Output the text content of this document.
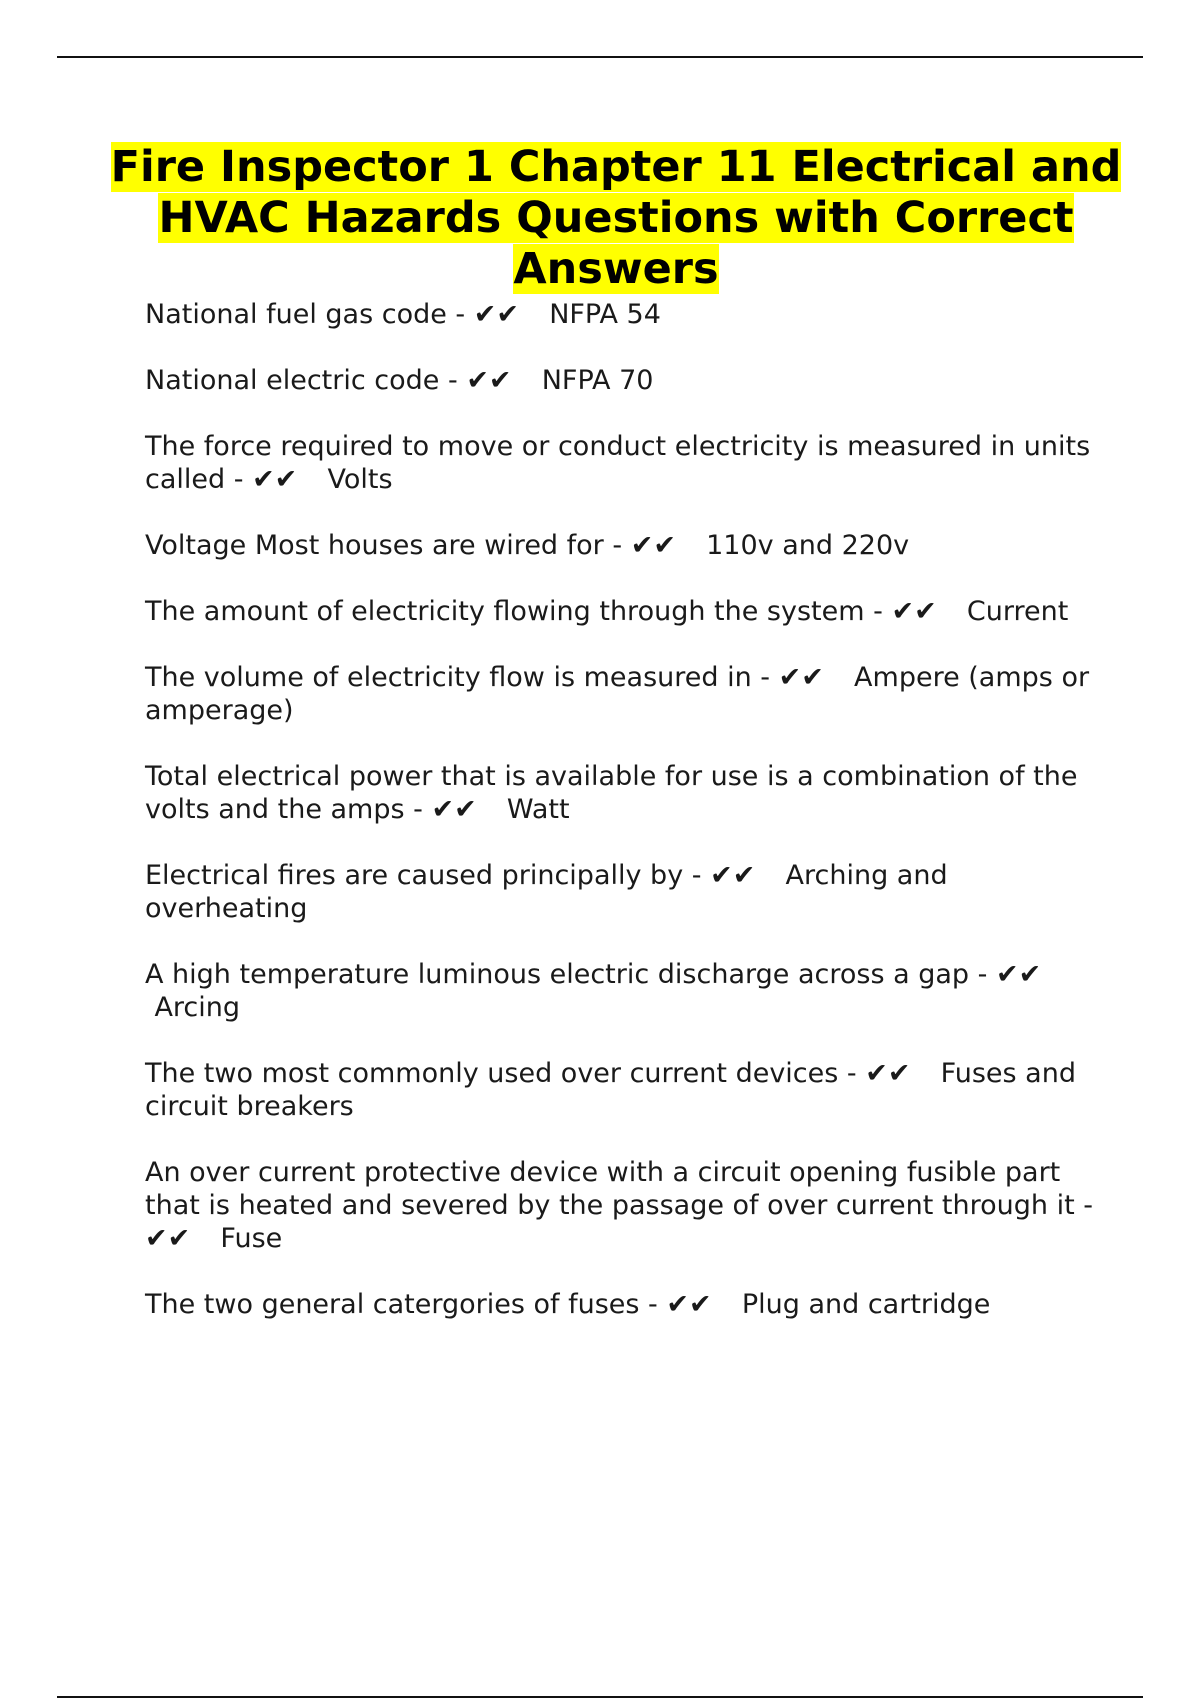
Fire Inspector 1 Chapter 11 Electrical and HVAC Hazards Questions with Correct Answers
National fuel gas code - ✔✔ NFPA 54
National electric code - ✔✔ NFPA 70
The force required to move or conduct electricity is measured in units called - ✔✔ Volts
Voltage Most houses are wired for - ✔✔ 110v and 220v
The amount of electricity flowing through the system - ✔✔ Current
The volume of electricity flow is measured in - ✔✔ Ampere (amps or amperage)
Total electrical power that is available for use is a combination of the volts and the amps - ✔✔ Watt
Electrical fires are caused principally by - ✔✔ Arching and overheating
A high temperature luminous electric discharge across a gap - ✔✔ Arcing
The two most commonly used over current devices - ✔✔ Fuses and circuit breakers
An over current protective device with a circuit opening fusible part that is heated and severed by the passage of over current through it - ✔✔ Fuse
The two general catergories of fuses - ✔✔ Plug and cartridge
